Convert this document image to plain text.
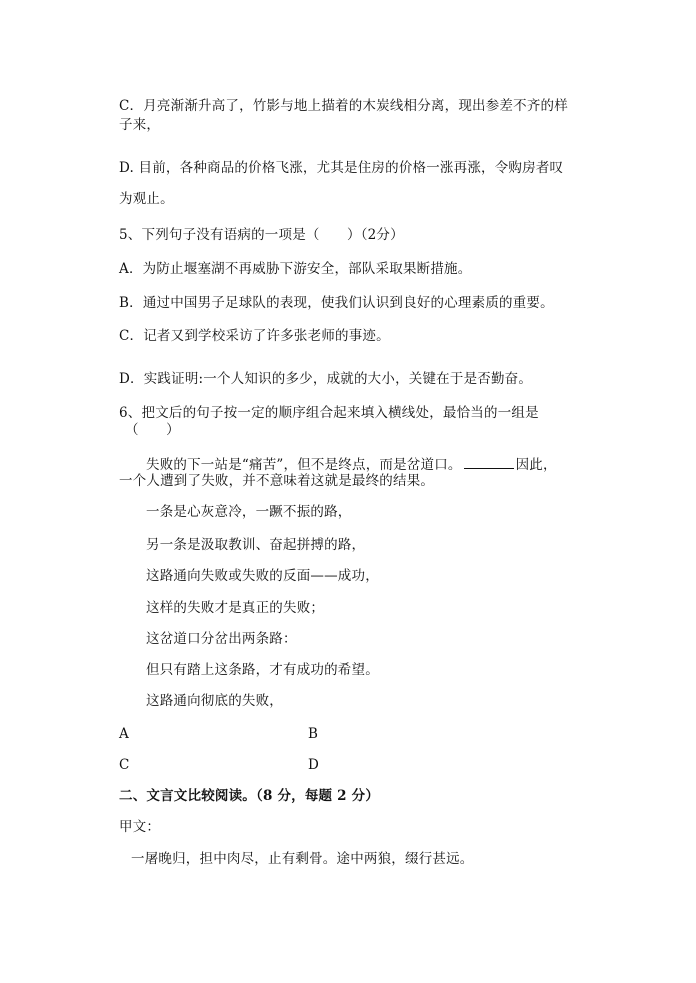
C．月亮渐渐升高了，竹影与地上描着的木炭线相分离，现出参差不齐的样
子来，
D. 目前，各种商品的价格飞涨，尤其是住房的价格一涨再涨，令购房者叹
为观止。
5、下列句子没有语病的一项是（　　）（2分）
A．为防止堰塞湖不再威胁下游安全，部队采取果断措施。
B．通过中国男子足球队的表现，使我们认识到良好的心理素质的重要。
C．记者又到学校采访了许多张老师的事迹。
D．实践证明:一个人知识的多少，成就的大小，关键在于是否勤奋。
6、把文后的句子按一定的顺序组合起来填入横线处，最恰当的一组是
（　　）
失败的下一站是“痛苦”，但不是终点，而是岔道口。	因此，
一个人遭到了失败，并不意味着这就是最终的结果。
一条是心灰意冷，一蹶不振的路，
另一条是汲取教训、奋起拼搏的路，
这路通向失败或失败的反面——成功，
这样的失败才是真正的失败；
这岔道口分岔出两条路：
但只有踏上这条路，才有成功的希望。
这路通向彻底的失败，
A	B
C	D
二、文言文比较阅读。（8 分，每题 2 分）
甲文：
一屠晚归，担中肉尽，止有剩骨。途中两狼，缀行甚远。
